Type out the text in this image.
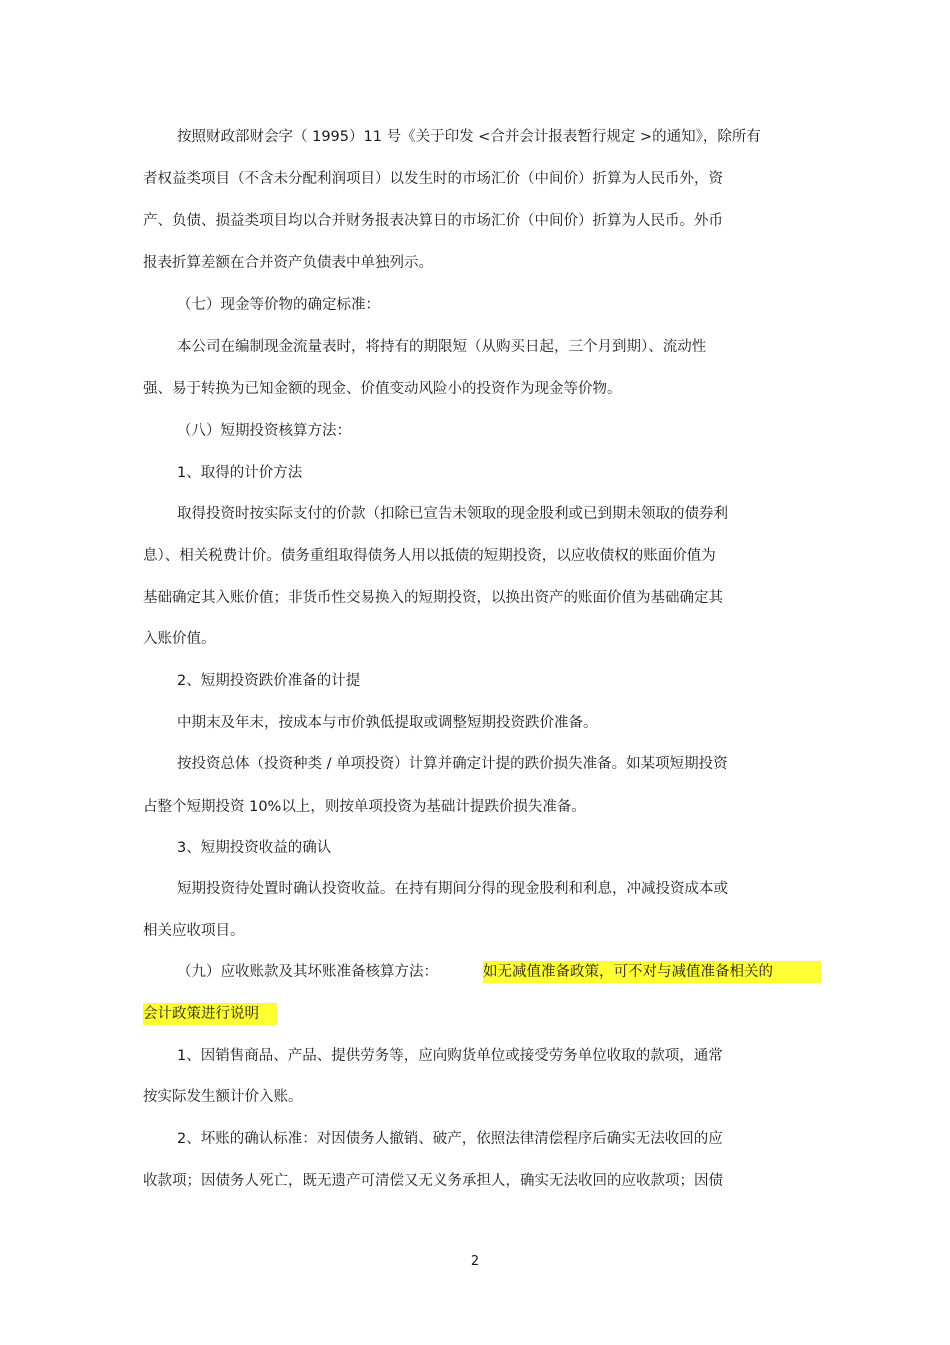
按照财政部财会字（ 1995）11 号《关于印发 <合并会计报表暂行规定 >的通知》，除所有
者权益类项目（不含未分配利润项目）以发生时的市场汇价（中间价）折算为人民币外，资
产、负债、损益类项目均以合并财务报表决算日的市场汇价（中间价）折算为人民币。外币
报表折算差额在合并资产负债表中单独列示。
（七）现金等价物的确定标准：
本公司在编制现金流量表时，将持有的期限短（从购买日起，三个月到期）、流动性
强、易于转换为已知金额的现金、价值变动风险小的投资作为现金等价物。
（八）短期投资核算方法：
1、取得的计价方法
取得投资时按实际支付的价款（扣除已宣告未领取的现金股利或已到期未领取的债券利
息）、相关税费计价。债务重组取得债务人用以抵债的短期投资，以应收债权的账面价值为
基础确定其入账价值；非货币性交易换入的短期投资，以换出资产的账面价值为基础确定其
入账价值。
2、短期投资跌价准备的计提
中期末及年末，按成本与市价孰低提取或调整短期投资跌价准备。
按投资总体（投资种类 / 单项投资）计算并确定计提的跌价损失准备。如某项短期投资
占整个短期投资 10%以上，则按单项投资为基础计提跌价损失准备。
3、短期投资收益的确认
短期投资待处置时确认投资收益。在持有期间分得的现金股利和利息，冲减投资成本或
相关应收项目。
（九）应收账款及其坏账准备核算方法：	如无减值准备政策，可不对与减值准备相关的
会计政策进行说明
1、因销售商品、产品、提供劳务等，应向购货单位或接受劳务单位收取的款项，通常
按实际发生额计价入账。
2、坏账的确认标准：对因债务人撤销、破产，依照法律清偿程序后确实无法收回的应
收款项；因债务人死亡，既无遗产可清偿又无义务承担人，确实无法收回的应收款项；因债
2
